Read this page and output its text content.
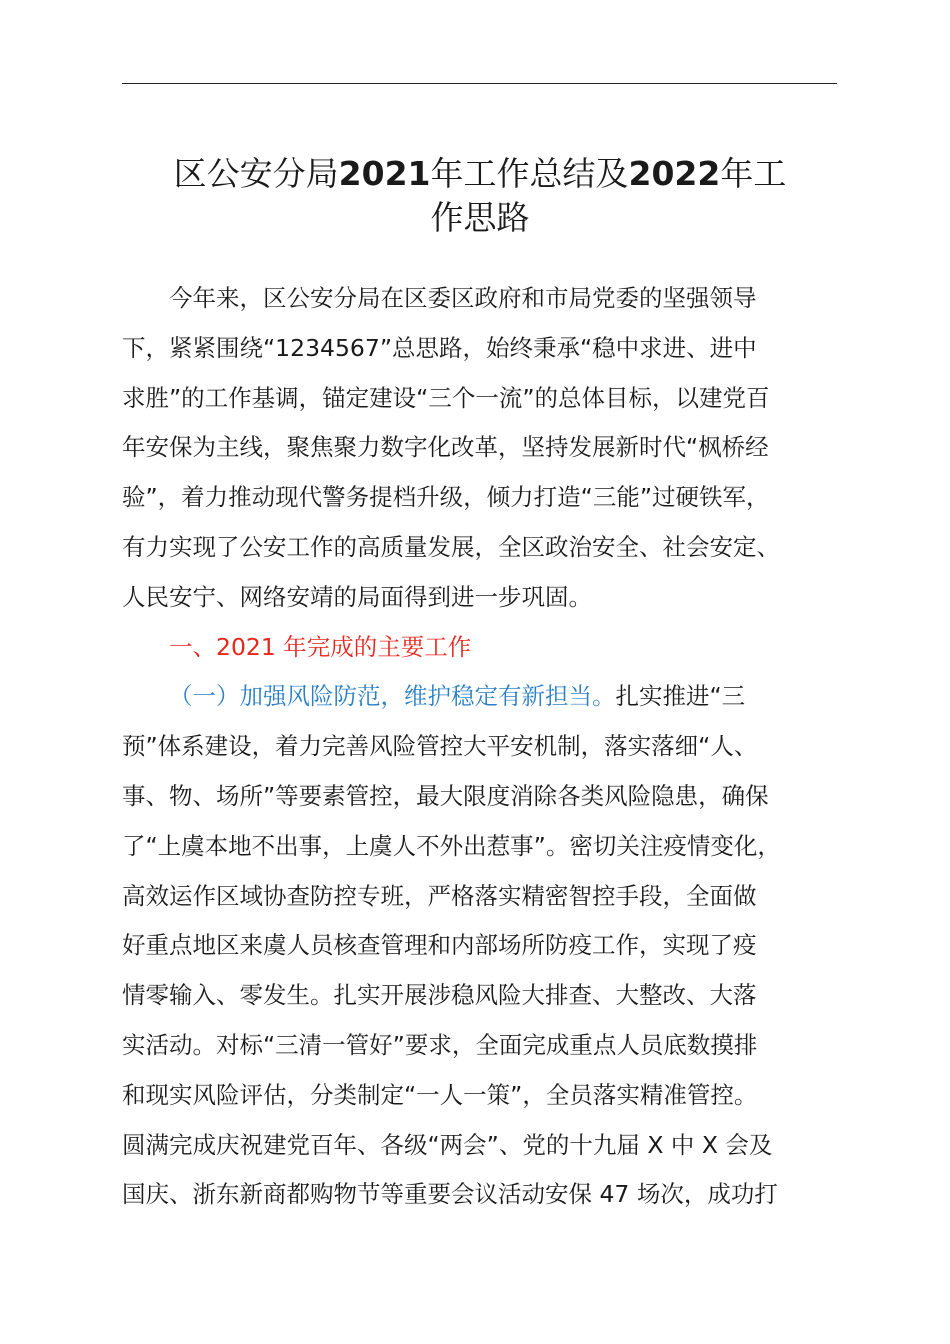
区公安分局2021年工作总结及2022年工
作思路
今年来，区公安分局在区委区政府和市局党委的坚强领导
下，紧紧围绕“1234567”总思路，始终秉承“稳中求进、进中
求胜”的工作基调，锚定建设“三个一流”的总体目标，以建党百
年安保为主线，聚焦聚力数字化改革，坚持发展新时代“枫桥经
验”，着力推动现代警务提档升级，倾力打造“三能”过硬铁军，
有力实现了公安工作的高质量发展，全区政治安全、社会安定、
人民安宁、网络安靖的局面得到进一步巩固。
一、2021 年完成的主要工作
（一）加强风险防范，维护稳定有新担当。扎实推进“三
预”体系建设，着力完善风险管控大平安机制，落实落细“人、
事、物、场所”等要素管控，最大限度消除各类风险隐患，确保
了“上虞本地不出事，上虞人不外出惹事”。密切关注疫情变化，
高效运作区域协查防控专班，严格落实精密智控手段，全面做
好重点地区来虞人员核查管理和内部场所防疫工作，实现了疫
情零输入、零发生。扎实开展涉稳风险大排查、大整改、大落
实活动。对标“三清一管好”要求，全面完成重点人员底数摸排
和现实风险评估，分类制定“一人一策”，全员落实精准管控。
圆满完成庆祝建党百年、各级“两会”、党的十九届 X 中 X 会及
国庆、浙东新商都购物节等重要会议活动安保 47 场次，成功打
